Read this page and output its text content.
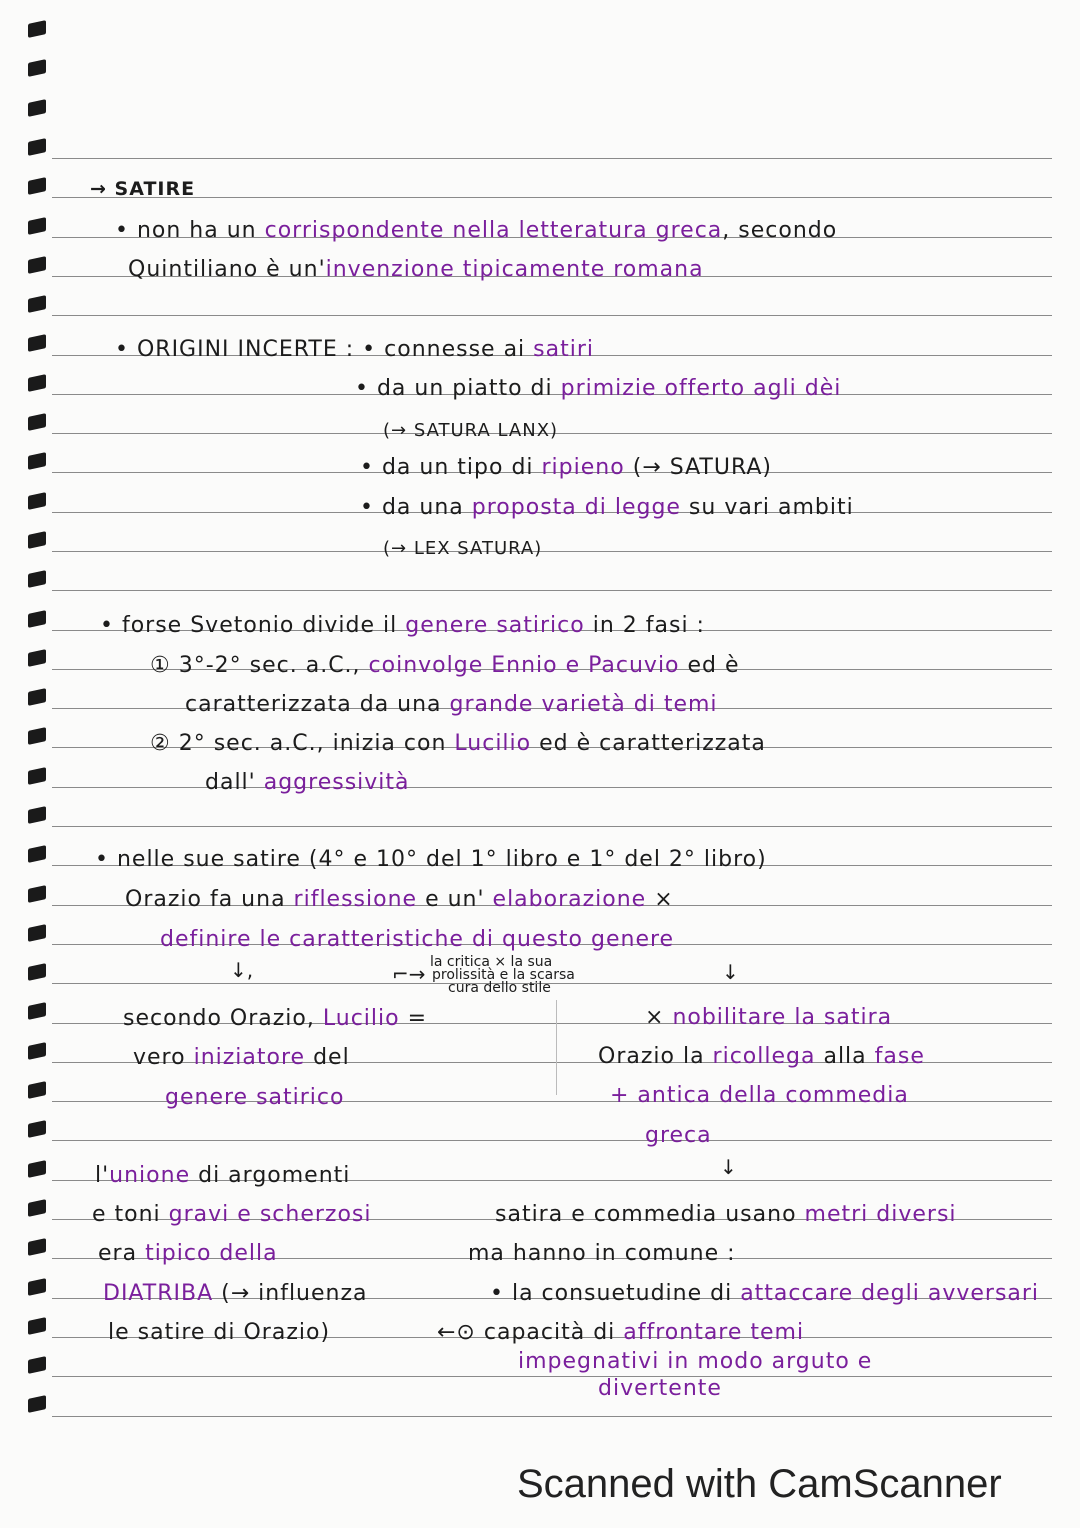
→ SATIRE
• non ha un corrispondente nella letteratura greca, secondo
Quintiliano è un'invenzione tipicamente romana
• ORIGINI INCERTE : • connesse ai satiri
• da un piatto di primizie offerto agli dèi
(→ SATURA LANX)
• da un tipo di ripieno (→ SATURA)
• da una proposta di legge su vari ambiti
(→ LEX SATURA)
• forse Svetonio divide il genere satirico in 2 fasi :
① 3°-2° sec. a.C., coinvolge Ennio e Pacuvio ed è
caratterizzata da una grande varietà di temi
② 2° sec. a.C., inizia con Lucilio ed è caratterizzata
dall' aggressività
• nelle sue satire (4° e 10° del 1° libro e 1° del 2° libro)
Orazio fa una riflessione e un' elaborazione ×
definire le caratteristiche di questo genere
la critica × la sua
prolissità e la scarsa
cura dello stile
secondo Orazio, Lucilio =
vero iniziatore del
genere satirico
× nobilitare la satira
Orazio la ricollega alla fase
+ antica della commedia
greca
l'unione di argomenti
e toni gravi e scherzosi
era tipico della
DIATRIBA (→ influenza
le satire di Orazio)
satira e commedia usano metri diversi
ma hanno in comune :
• la consuetudine di attaccare degli avversari
←⊙ capacità di affrontare temi
impegnativi in modo arguto e
divertente
↓,	⌐→	↓
↓
Scanned with CamScanner
